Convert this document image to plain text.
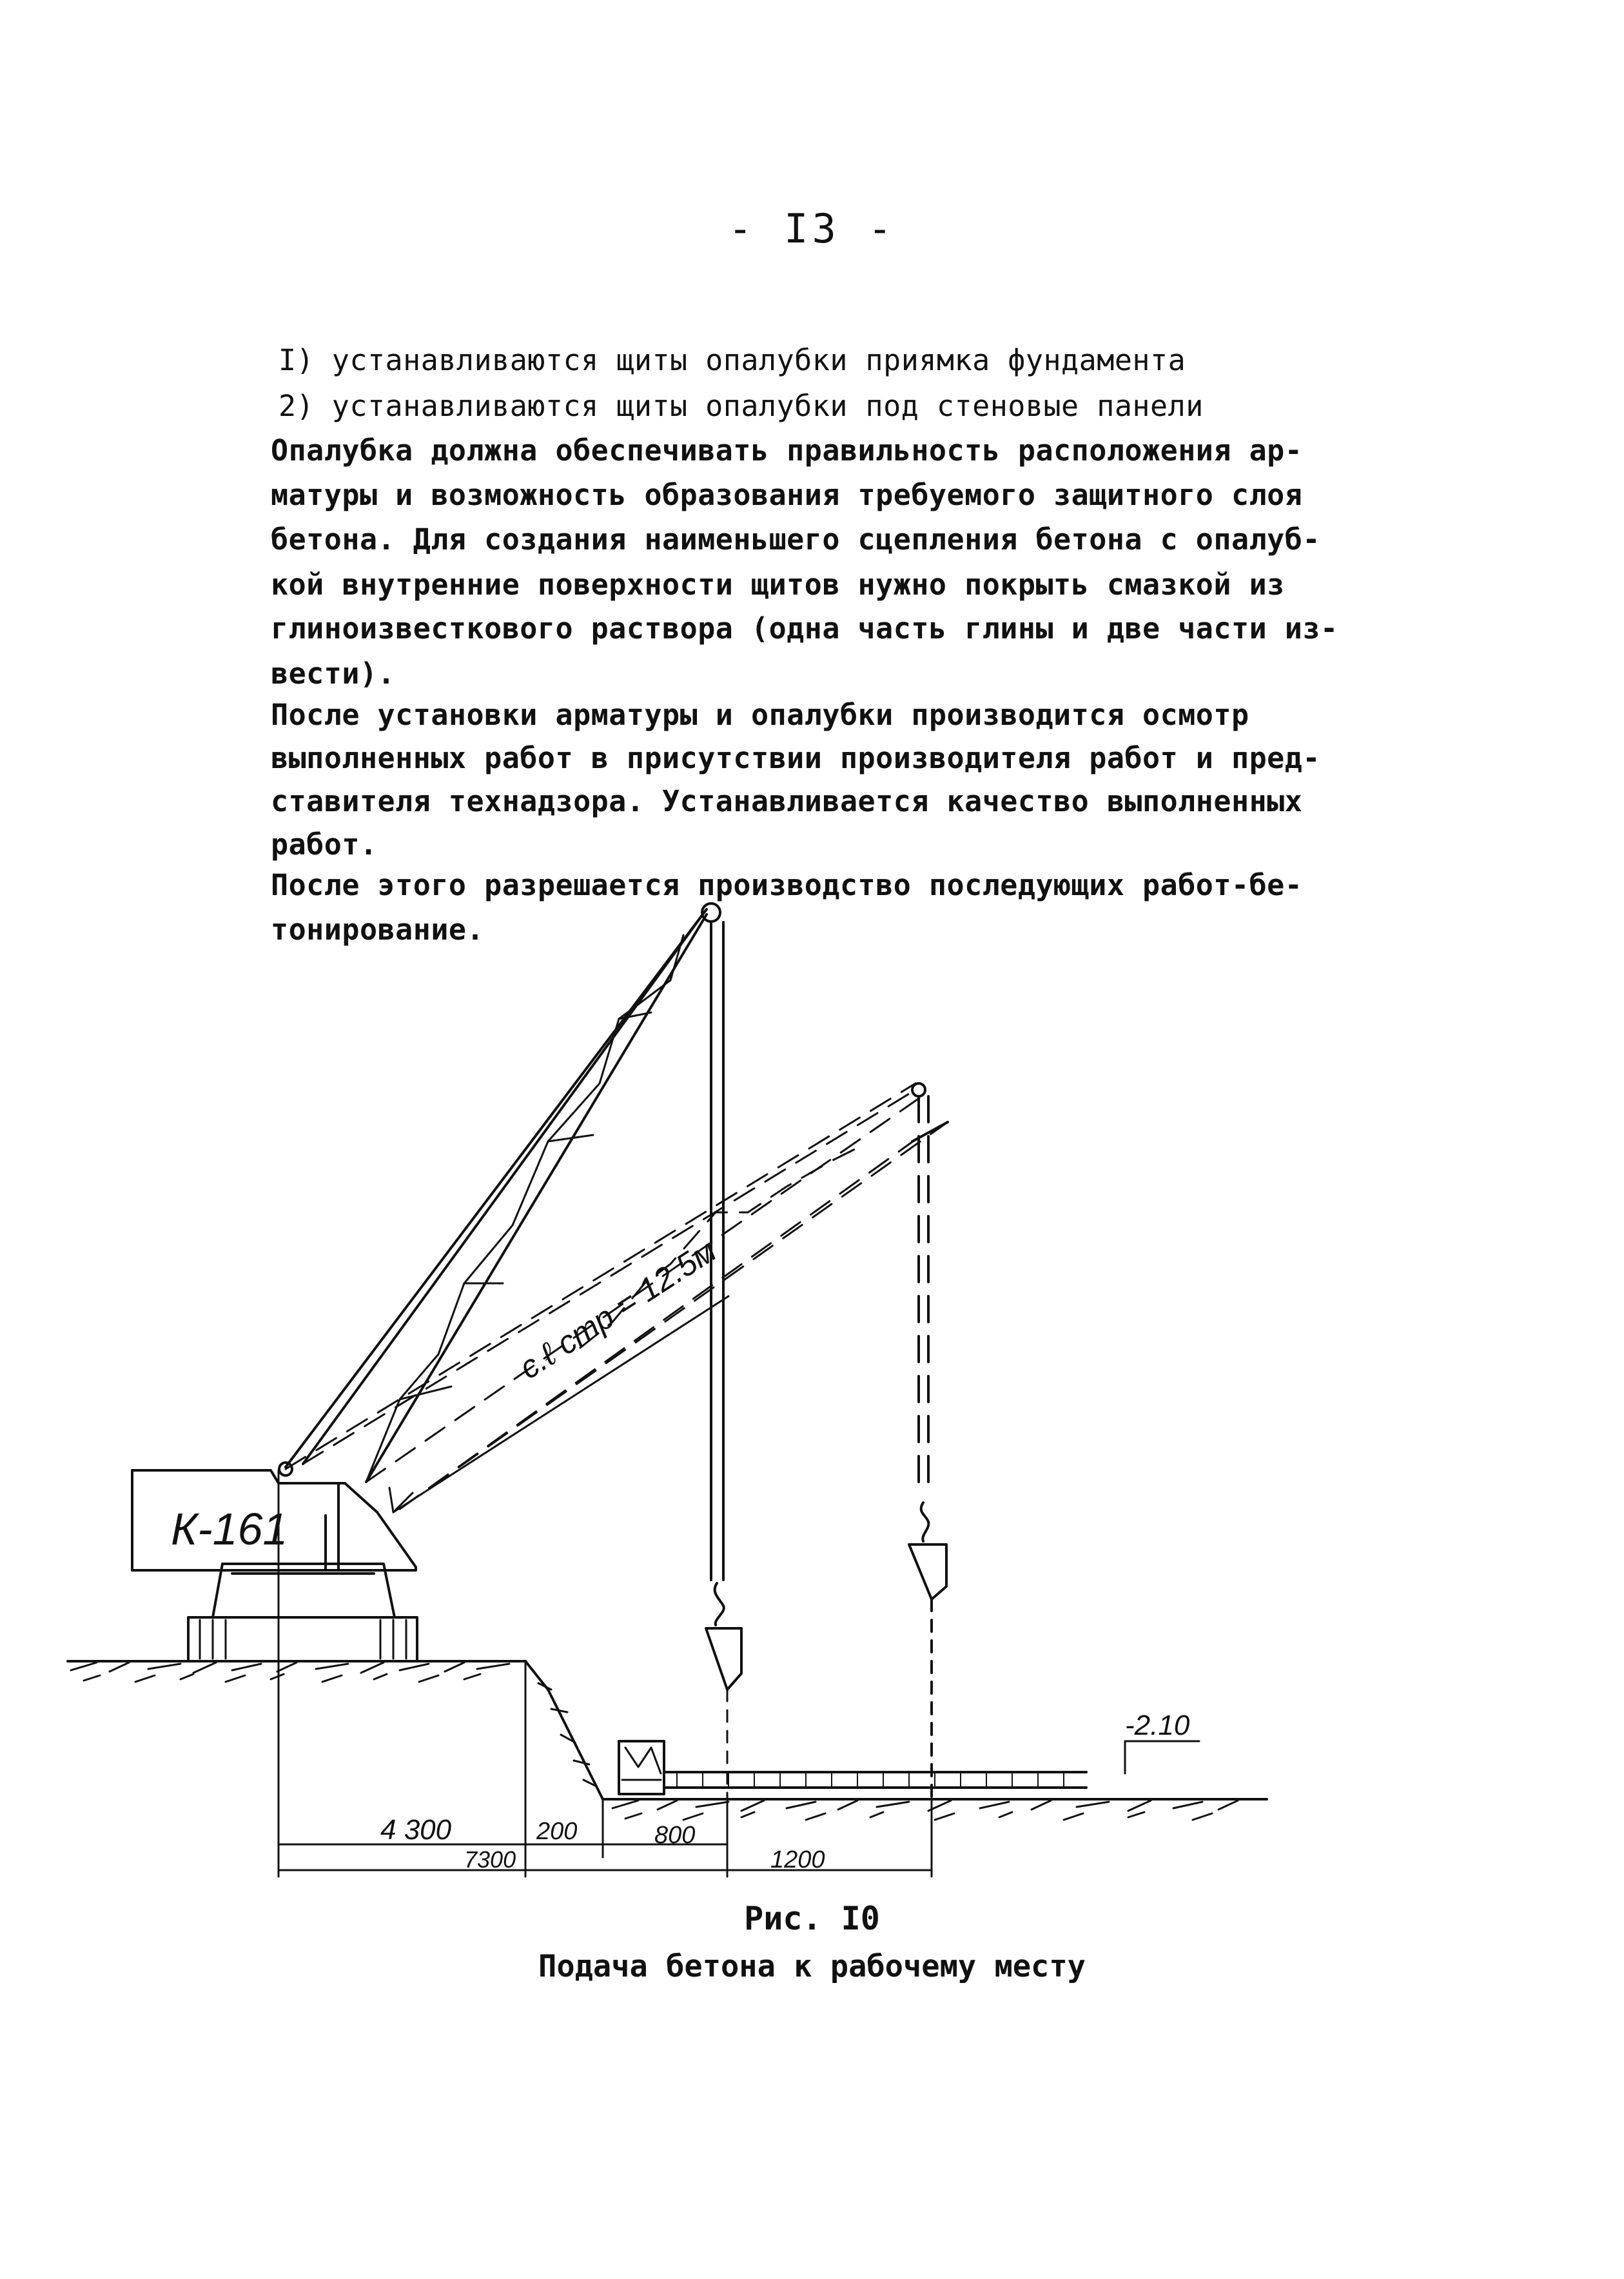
- I3 -
I) устанавливаются щиты опалубки приямка фундамента
2) устанавливаются щиты опалубки под стеновые панели
Опалубка должна обеспечивать правильность расположения ар-
матуры и возможность образования требуемого защитного слоя
бетона. Для создания наименьшего сцепления бетона с опалуб-
кой внутренние поверхности щитов нужно покрыть смазкой из
глиноизвесткового раствора (одна часть глины и две части из-
вести).
После установки арматуры и опалубки производится осмотр
выполненных работ в присутствии производителя работ и пред-
ставителя технадзора. Устанавливается качество выполненных
работ.
После этого разрешается производство последующих работ-бе-
тонирование.
К-161
с.ℓ стр = 12.5м
-2.10
4 300	200	800
7300	1200
Рис. I0
Подача бетона к рабочему месту
